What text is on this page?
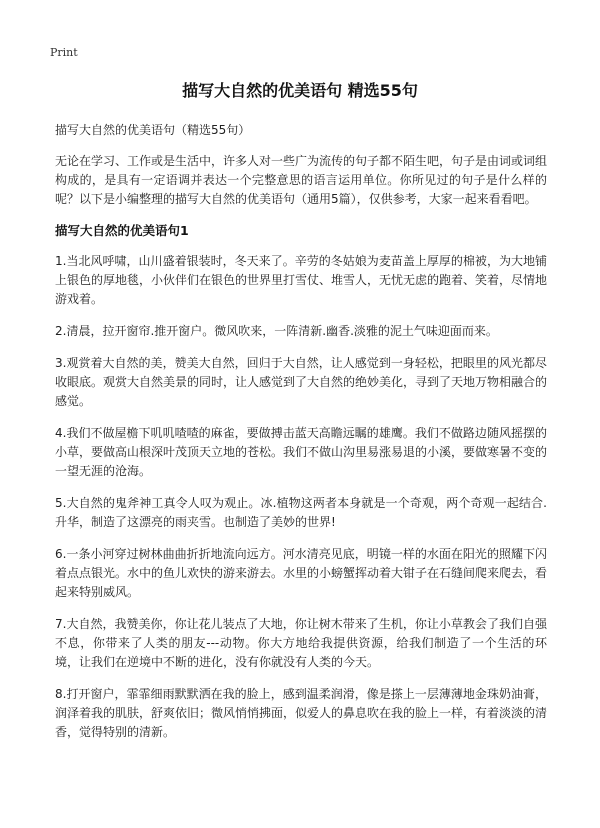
Print
描写大自然的优美语句 精选55句

描写大自然的优美语句（精选55句）

无论在学习、工作或是生活中，许多人对一些广为流传的句子都不陌生吧，句子是由词或词组构成的，是具有一定语调并表达一个完整意思的语言运用单位。你所见过的句子是什么样的呢？以下是小编整理的描写大自然的优美语句（通用5篇），仅供参考，大家一起来看看吧。

描写大自然的优美语句1

1.当北风呼啸，山川盛着银装时，冬天来了。辛劳的冬姑娘为麦苗盖上厚厚的棉被，为大地铺上银色的厚地毯，小伙伴们在银色的世界里打雪仗、堆雪人，无忧无虑的跑着、笑着，尽情地游戏着。

2.清晨，拉开窗帘.推开窗户。微风吹来，一阵清新.幽香.淡雅的泥土气味迎面而来。

3.观赏着大自然的美，赞美大自然，回归于大自然，让人感觉到一身轻松，把眼里的风光都尽收眼底。观赏大自然美景的同时，让人感觉到了大自然的绝妙美化，寻到了天地万物相融合的感觉。

4.我们不做屋檐下叽叽喳喳的麻雀，要做搏击蓝天高瞻远瞩的雄鹰。我们不做路边随风摇摆的小草，要做高山根深叶茂顶天立地的苍松。我们不做山沟里易涨易退的小溪，要做寒暑不变的一望无涯的沧海。

5.大自然的鬼斧神工真令人叹为观止。冰.植物这两者本身就是一个奇观，两个奇观一起结合.升华，制造了这漂亮的雨夹雪。也制造了美妙的世界!

6.一条小河穿过树林曲曲折折地流向远方。河水清亮见底，明镜一样的水面在阳光的照耀下闪着点点银光。水中的鱼儿欢快的游来游去。水里的小螃蟹挥动着大钳子在石缝间爬来爬去，看起来特别威风。

7.大自然，我赞美你，你让花儿装点了大地，你让树木带来了生机，你让小草教会了我们自强不息，你带来了人类的朋友---动物。你大方地给我提供资源，给我们制造了一个生活的环境，让我们在逆境中不断的进化，没有你就没有人类的今天。

8.打开窗户，霏霏细雨默默洒在我的脸上，感到温柔润滑，像是搽上一层薄薄地金珠奶油膏，润泽着我的肌肤，舒爽依旧；微风悄悄拂面，似爱人的鼻息吹在我的脸上一样，有着淡淡的清香，觉得特别的清新。
